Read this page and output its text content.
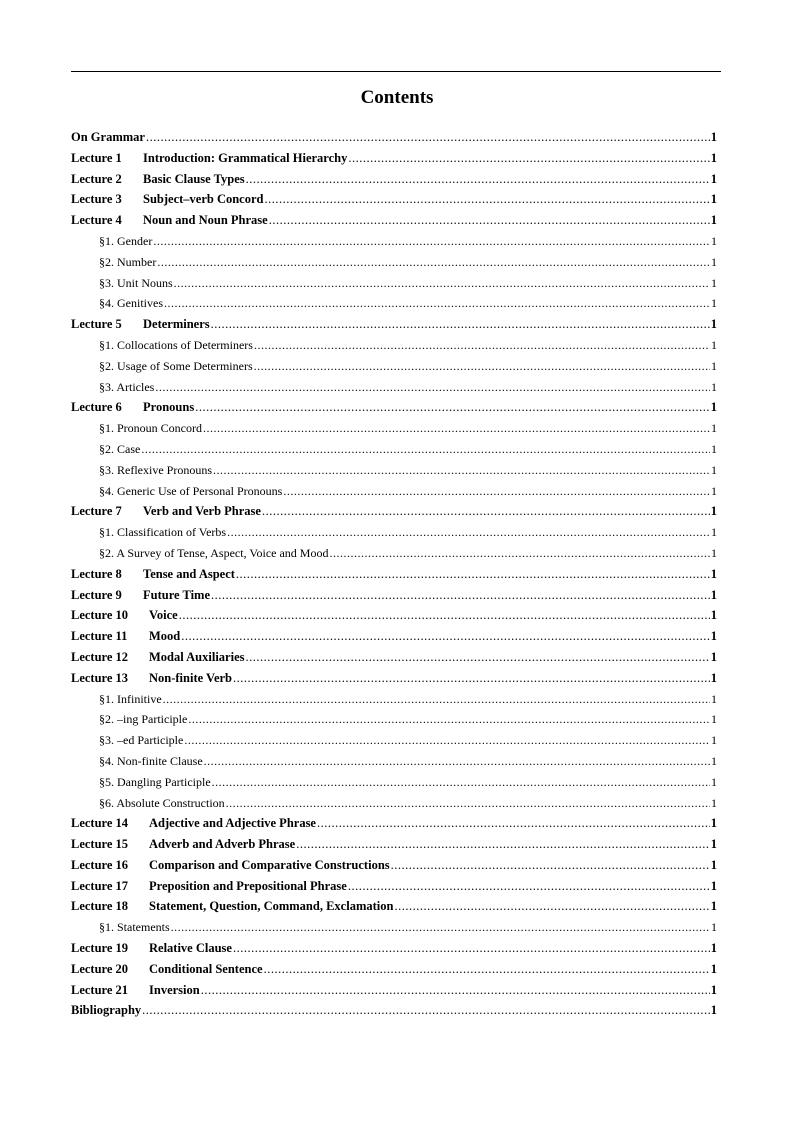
Contents
On Grammar .....	1
Lecture 1	Introduction: Grammatical Hierarchy .....	1
Lecture 2	Basic Clause Types .....	1
Lecture 3	Subject–verb Concord .....	1
Lecture 4	Noun and Noun Phrase .....	1
§1. Gender .....	1
§2. Number .....	1
§3. Unit Nouns .....	1
§4. Genitives .....	1
Lecture 5	Determiners .....	1
§1. Collocations of Determiners .....	1
§2. Usage of Some Determiners .....	1
§3. Articles .....	1
Lecture 6	Pronouns .....	1
§1. Pronoun Concord .....	1
§2. Case .....	1
§3. Reflexive Pronouns .....	1
§4. Generic Use of Personal Pronouns .....	1
Lecture 7	Verb and Verb Phrase .....	1
§1. Classification of Verbs .....	1
§2. A Survey of Tense, Aspect, Voice and Mood .....	1
Lecture 8	Tense and Aspect .....	1
Lecture 9	Future Time .....	1
Lecture 10	Voice .....	1
Lecture 11	Mood .....	1
Lecture 12	Modal Auxiliaries .....	1
Lecture 13	Non-finite Verb .....	1
§1. Infinitive .....	1
§2. –ing Participle .....	1
§3. –ed Participle .....	1
§4. Non-finite Clause .....	1
§5. Dangling Participle .....	1
§6. Absolute Construction .....	1
Lecture 14	Adjective and Adjective Phrase .....	1
Lecture 15	Adverb and Adverb Phrase .....	1
Lecture 16	Comparison and Comparative Constructions .....	1
Lecture 17	Preposition and Prepositional Phrase .....	1
Lecture 18	Statement, Question, Command, Exclamation .....	1
§1. Statements .....	1
Lecture 19	Relative Clause .....	1
Lecture 20	Conditional Sentence .....	1
Lecture 21	Inversion .....	1
Bibliography .....	1
